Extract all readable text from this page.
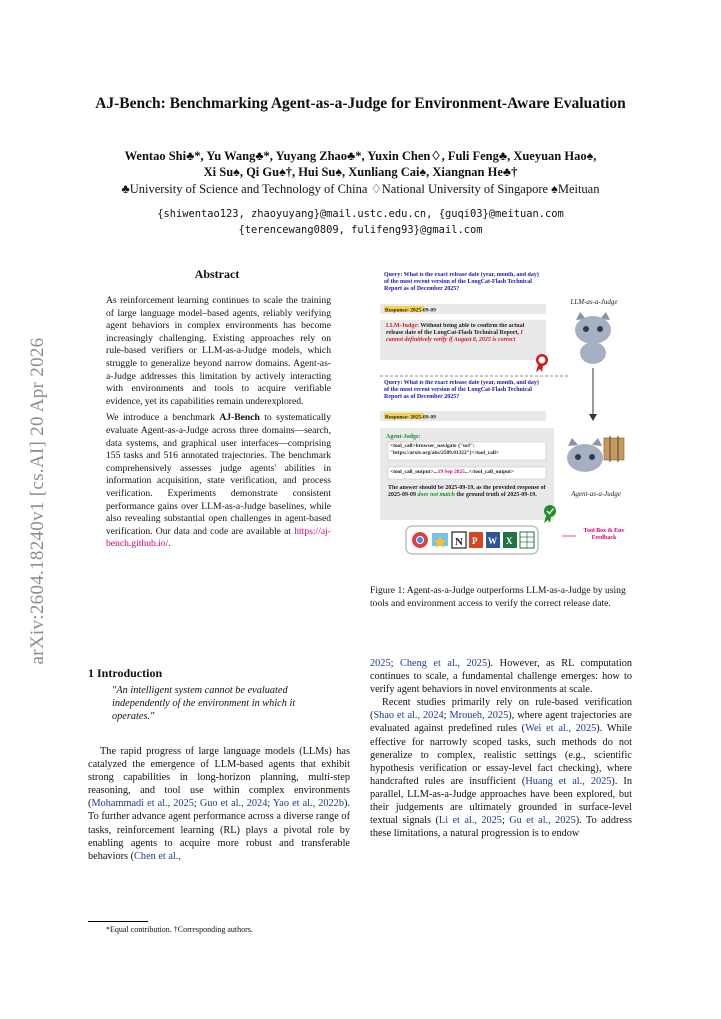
arXiv:2604.18240v1 [cs.AI] 20 Apr 2026
AJ-Bench: Benchmarking Agent-as-a-Judge for Environment-Aware Evaluation
Wentao Shi♣*, Yu Wang♣*, Yuyang Zhao♣*, Yuxin Chen♢, Fuli Feng♣, Xueyuan Hao♠,
Xi Su♠, Qi Gu♠†, Hui Su♠, Xunliang Cai♠, Xiangnan He♣†
♣University of Science and Technology of China ♢National University of Singapore ♠Meituan
{shiwentao123, zhaoyuyang}@mail.ustc.edu.cn, {guqi03}@meituan.com
{terencewang0809, fulifeng93}@gmail.com
Abstract

As reinforcement learning continues to scale the training of large language model–based agents, reliably verifying agent behaviors in complex environments has become increasingly challenging. Existing approaches rely on rule-based verifiers or LLM-as-a-Judge models, which struggle to generalize beyond narrow domains. Agent-as-a-Judge addresses this limitation by actively interacting with environments and tools to acquire verifiable evidence, yet its capabilities remain underexplored.

We introduce a benchmark AJ-Bench to systematically evaluate Agent-as-a-Judge across three domains—search, data systems, and graphical user interfaces—comprising 155 tasks and 516 annotated trajectories. The benchmark comprehensively assesses judge agents' abilities in information acquisition, state verification, and process verification. Experiments demonstrate consistent performance gains over LLM-as-a-Judge baselines, while also revealing substantial open challenges in agent-based verification. Our data and code are available at https://aj-bench.github.io/.

1 Introduction
"An intelligent system cannot be evaluated independently of the environment in which it operates."

The rapid progress of large language models (LLMs) has catalyzed the emergence of LLM-based agents that exhibit strong capabilities in long-horizon planning, multi-step reasoning, and tool use within complex environments (Mohammadi et al., 2025; Guo et al., 2024; Yao et al., 2022b). To further advance agent performance across a diverse range of tasks, reinforcement learning (RL) plays a pivotal role by enabling agents to acquire more robust and transferable behaviors (Chen et al.,

*Equal contribution. †Corresponding authors.
Query: What is the exact release date (year, month, and day) of the most recent version of the LongCat-Flash Technical Report as of December 2025?
Response: 2025-09-09
LLM-Judge: Without being able to confirm the actual release date of the LongCat-Flash Technical Report, I cannot definitively verify if August 8, 2025 is correct
LLM-as-a-Judge
Query: What is the exact release date (year, month, and day) of the most recent version of the LongCat-Flash Technical Report as of December 2025?
Response: 2025-09-09
Agent-Judge:
<tool_call>browser_navigate {"url": "https://arxiv.org/abs/2509.01322"}</tool_call>
<tool_call_output>...19 Sep 2025...</tool_call_output>
The answer should be 2025-09-19, as the provided response of 2025-09-09 does not match the ground truth of 2025-09-19.	Agent-as-a-Judge
Tool Box & Env Feedback
N P W X
Figure 1: Agent-as-a-Judge outperforms LLM-as-a-Judge by using tools and environment access to verify the correct release date.

2025; Cheng et al., 2025). However, as RL computation continues to scale, a fundamental challenge emerges: how to verify agent behaviors in novel environments at scale.

Recent studies primarily rely on rule-based verification (Shao et al., 2024; Mroueh, 2025), where agent trajectories are evaluated against predefined rules (Wei et al., 2025). While effective for narrowly scoped tasks, such methods do not generalize to complex, realistic settings (e.g., scientific hypothesis verification or essay-level fact checking), where handcrafted rules are insufficient (Huang et al., 2025). In parallel, LLM-as-a-Judge approaches have been explored, but their judgements are ultimately grounded in surface-level textual signals (Li et al., 2025; Gu et al., 2025). To address these limitations, a natural progression is to endow
